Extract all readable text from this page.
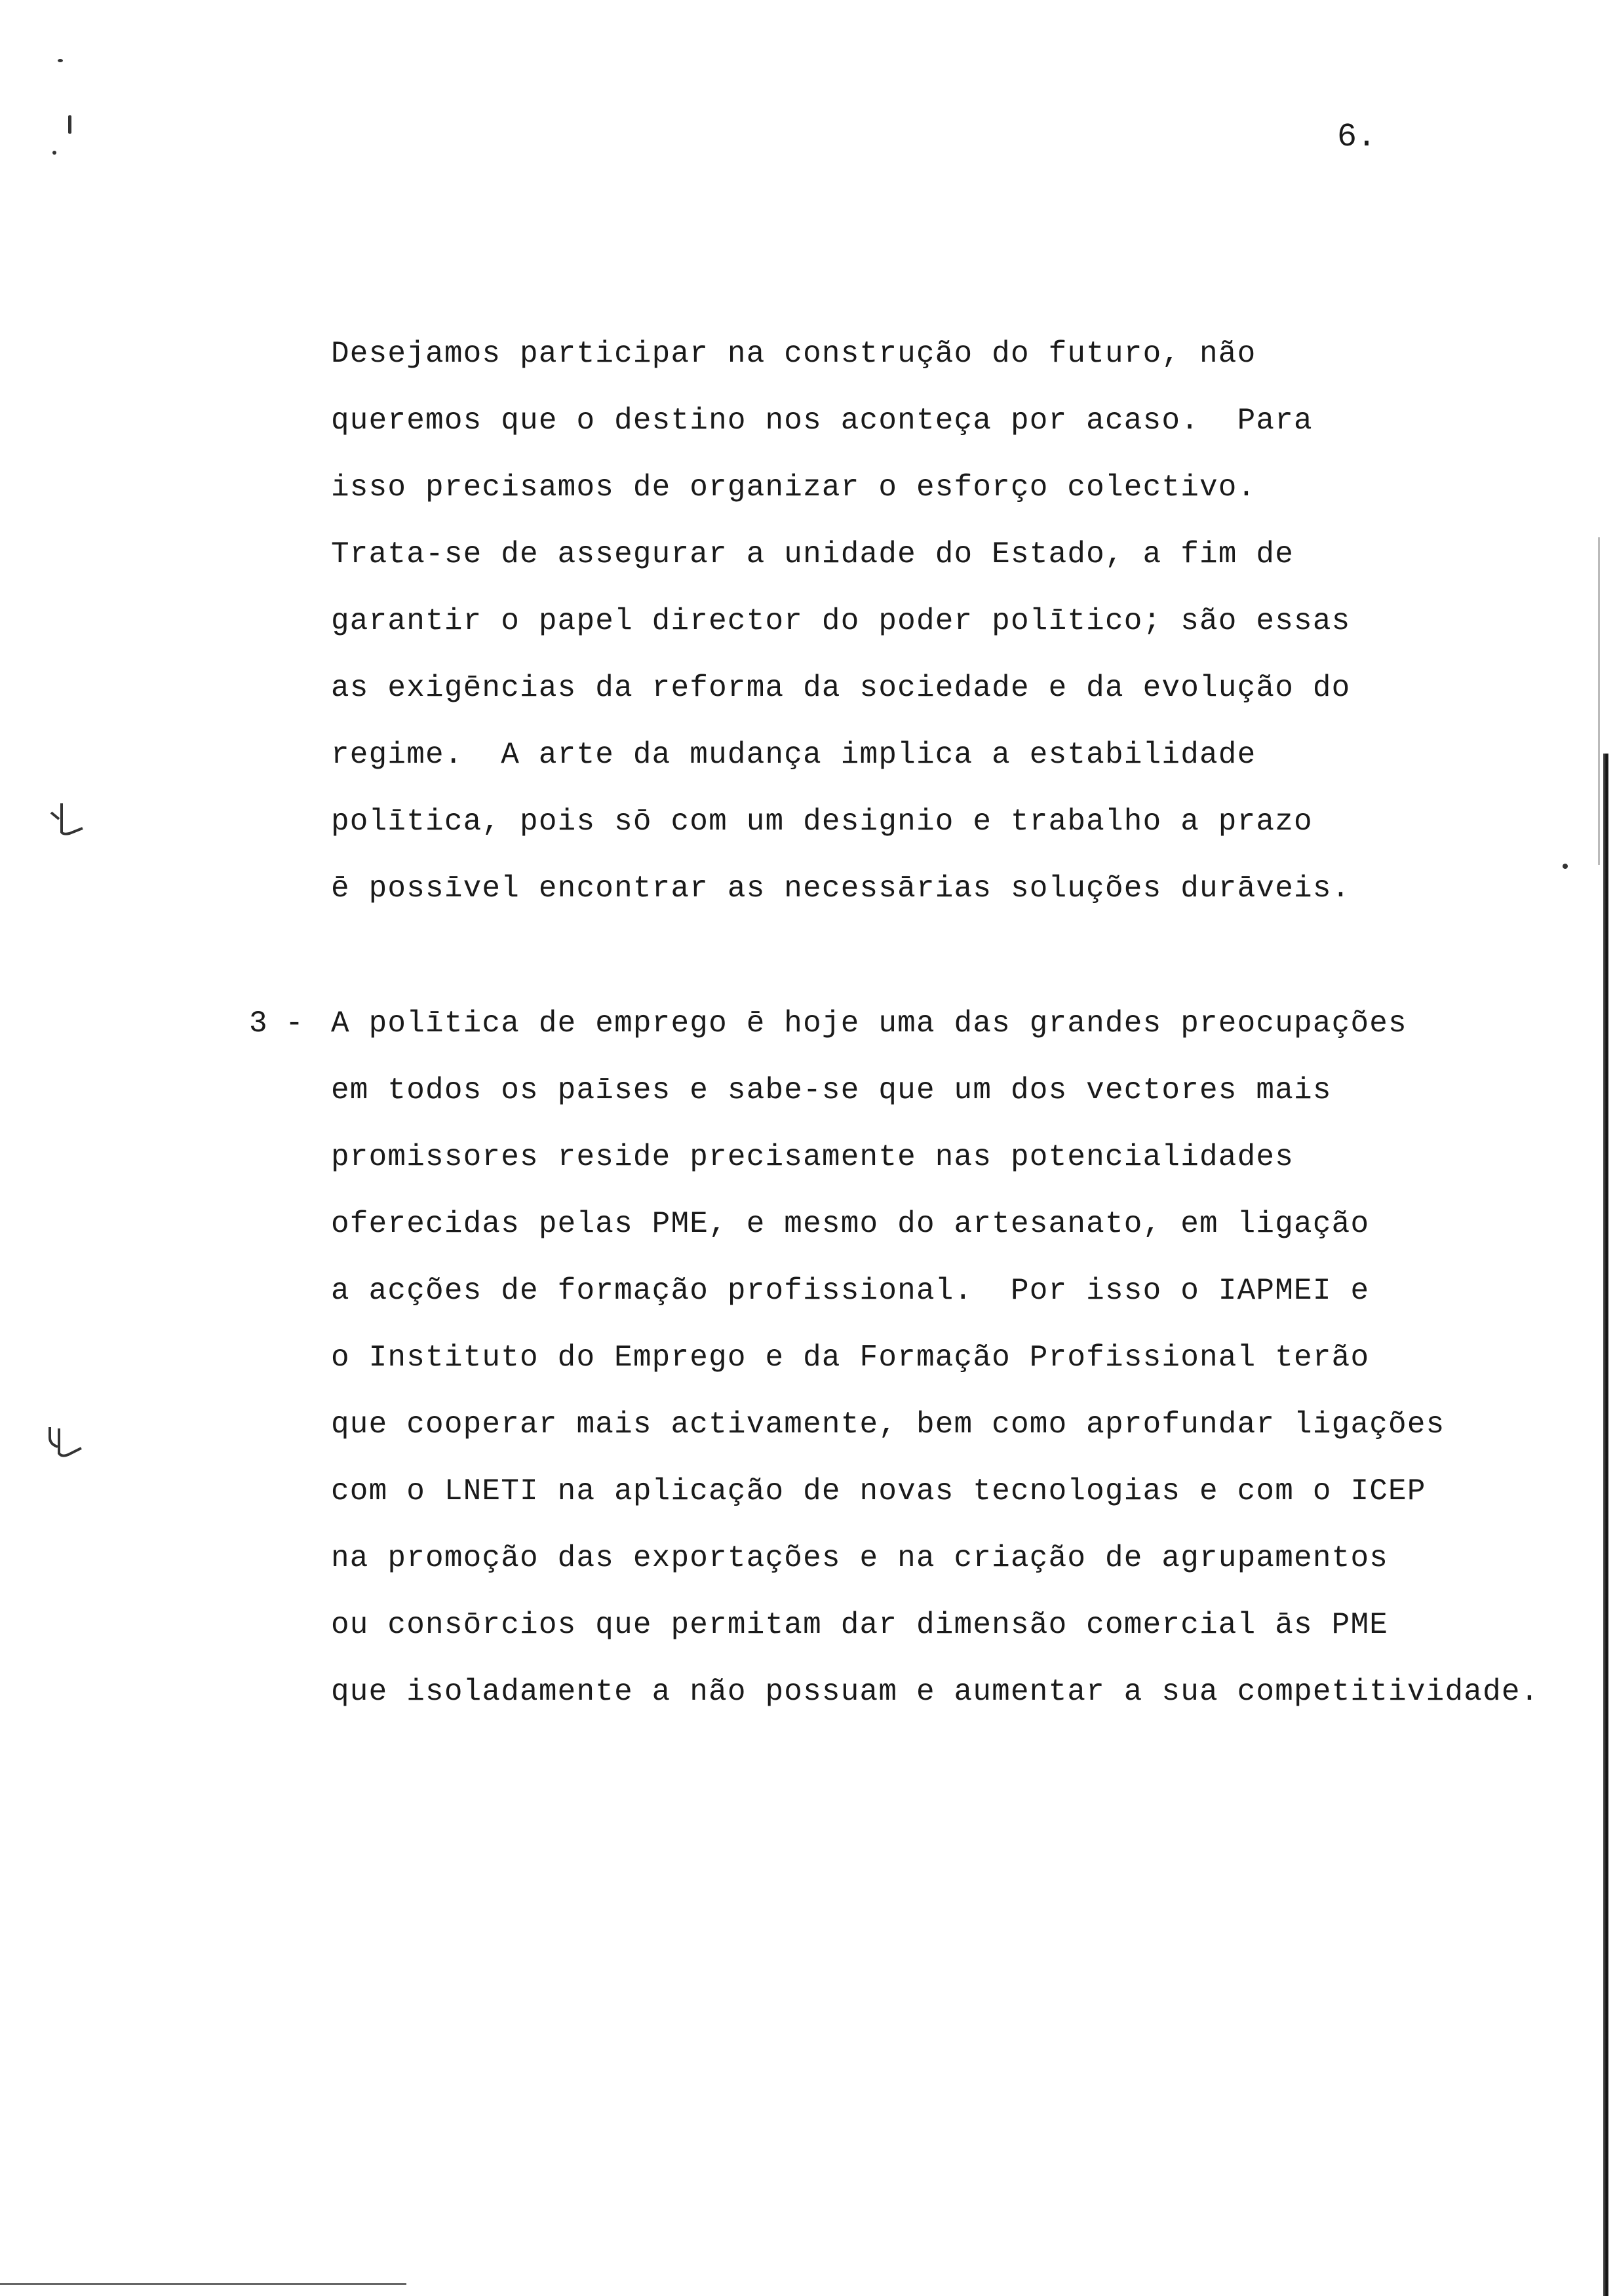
6.
Desejamos participar na construção do futuro, não
queremos que o destino nos aconteça por acaso.  Para
isso precisamos de organizar o esforço colectivo.
Trata-se de assegurar a unidade do Estado, a fim de
garantir o papel director do poder polītico; são essas
as exigēncias da reforma da sociedade e da evolução do
regime.  A arte da mudança implica a estabilidade
polītica, pois sō com um designio e trabalho a prazo
ē possīvel encontrar as necessārias soluções durāveis.
3 - A polītica de emprego ē hoje uma das grandes preocupações
em todos os paīses e sabe-se que um dos vectores mais
promissores reside precisamente nas potencialidades
oferecidas pelas PME, e mesmo do artesanato, em ligação
a acções de formação profissional.  Por isso o IAPMEI e
o Instituto do Emprego e da Formação Profissional terão
que cooperar mais activamente, bem como aprofundar ligações
com o LNETI na aplicação de novas tecnologias e com o ICEP
na promoção das exportações e na criação de agrupamentos
ou consōrcios que permitam dar dimensão comercial ās PME
que isoladamente a não possuam e aumentar a sua competitividade.
